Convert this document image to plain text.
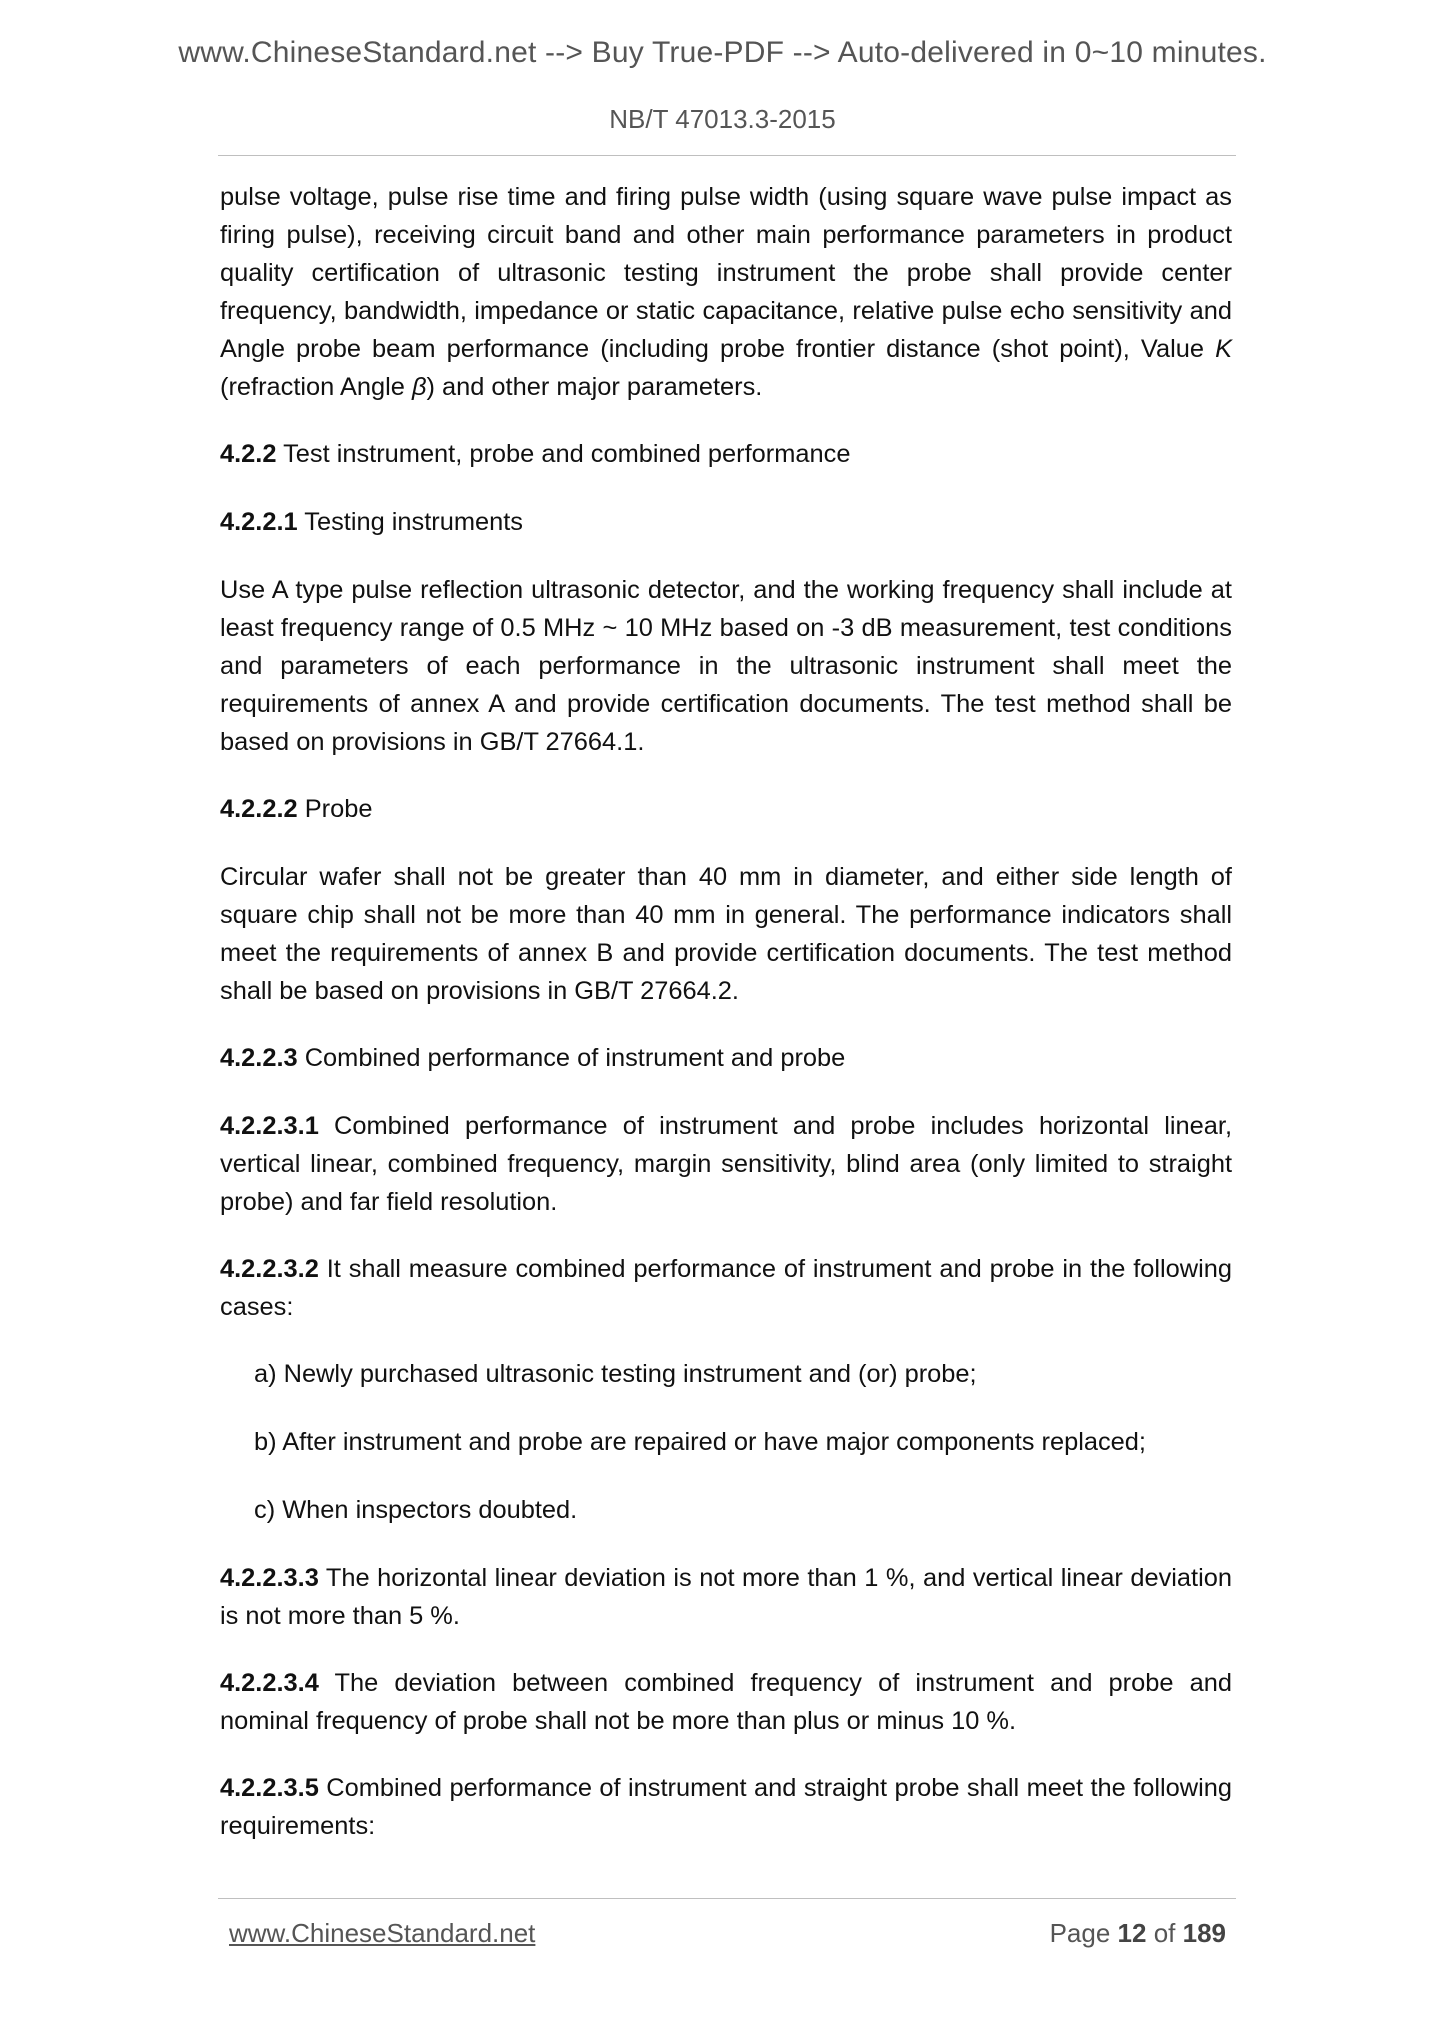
www.ChineseStandard.net --> Buy True-PDF --> Auto-delivered in 0~10 minutes.
NB/T 47013.3-2015

pulse voltage, pulse rise time and firing pulse width (using square wave pulse impact as firing pulse), receiving circuit band and other main performance parameters in product quality certification of ultrasonic testing instrument the probe shall provide center frequency, bandwidth, impedance or static capacitance, relative pulse echo sensitivity and Angle probe beam performance (including probe frontier distance (shot point), Value K (refraction Angle β) and other major parameters.

4.2.2 Test instrument, probe and combined performance

4.2.2.1 Testing instruments

Use A type pulse reflection ultrasonic detector, and the working frequency shall include at least frequency range of 0.5 MHz ~ 10 MHz based on -3 dB measurement, test conditions and parameters of each performance in the ultrasonic instrument shall meet the requirements of annex A and provide certification documents. The test method shall be based on provisions in GB/T 27664.1.

4.2.2.2 Probe

Circular wafer shall not be greater than 40 mm in diameter, and either side length of square chip shall not be more than 40 mm in general. The performance indicators shall meet the requirements of annex B and provide certification documents. The test method shall be based on provisions in GB/T 27664.2.

4.2.2.3 Combined performance of instrument and probe

4.2.2.3.1 Combined performance of instrument and probe includes horizontal linear, vertical linear, combined frequency, margin sensitivity, blind area (only limited to straight probe) and far field resolution.

4.2.2.3.2 It shall measure combined performance of instrument and probe in the following cases:

a) Newly purchased ultrasonic testing instrument and (or) probe;

b) After instrument and probe are repaired or have major components replaced;

c) When inspectors doubted.

4.2.2.3.3 The horizontal linear deviation is not more than 1 %, and vertical linear deviation is not more than 5 %.

4.2.2.3.4 The deviation between combined frequency of instrument and probe and nominal frequency of probe shall not be more than plus or minus 10 %.

4.2.2.3.5 Combined performance of instrument and straight probe shall meet the following requirements:

www.ChineseStandard.net	Page 12 of 189
